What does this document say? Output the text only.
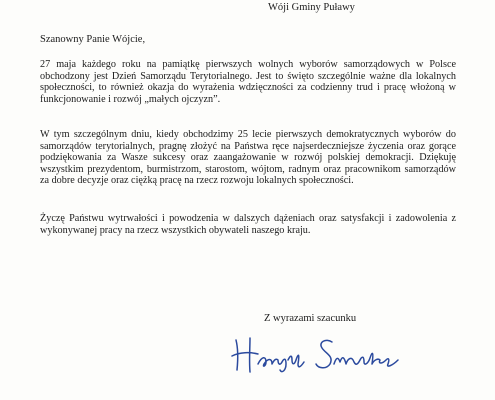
Wóji Gminy Puławy
Szanowny Panie Wójcie,

27 maja każdego roku na pamiątkę pierwszych wolnych wyborów samorządowych w Polsce obchodzony jest Dzień Samorządu Terytorialnego. Jest to święto szczególnie ważne dla lokalnych społeczności, to również okazja do wyrażenia wdzięczności za codzienny trud i pracę włożoną w funkcjonowanie i rozwój „małych ojczyzn”.

W tym szczególnym dniu, kiedy obchodzimy 25 lecie pierwszych demokratycznych wyborów do samorządów terytorialnych, pragnę złożyć na Państwa ręce najserdeczniejsze życzenia oraz gorące podziękowania za Wasze sukcesy oraz zaangażowanie w rozwój polskiej demokracji. Dziękuję wszystkim prezydentom, burmistrzom, starostom, wójtom, radnym oraz pracownikom samorządów za dobre decyzje oraz ciężką pracę na rzecz rozwoju lokalnych społeczności.

Życzę Państwu wytrwałości i powodzenia w dalszych dążeniach oraz satysfakcji i zadowolenia z wykonywanej pracy na rzecz wszystkich obywateli naszego kraju.

Z wyrazami szacunku
